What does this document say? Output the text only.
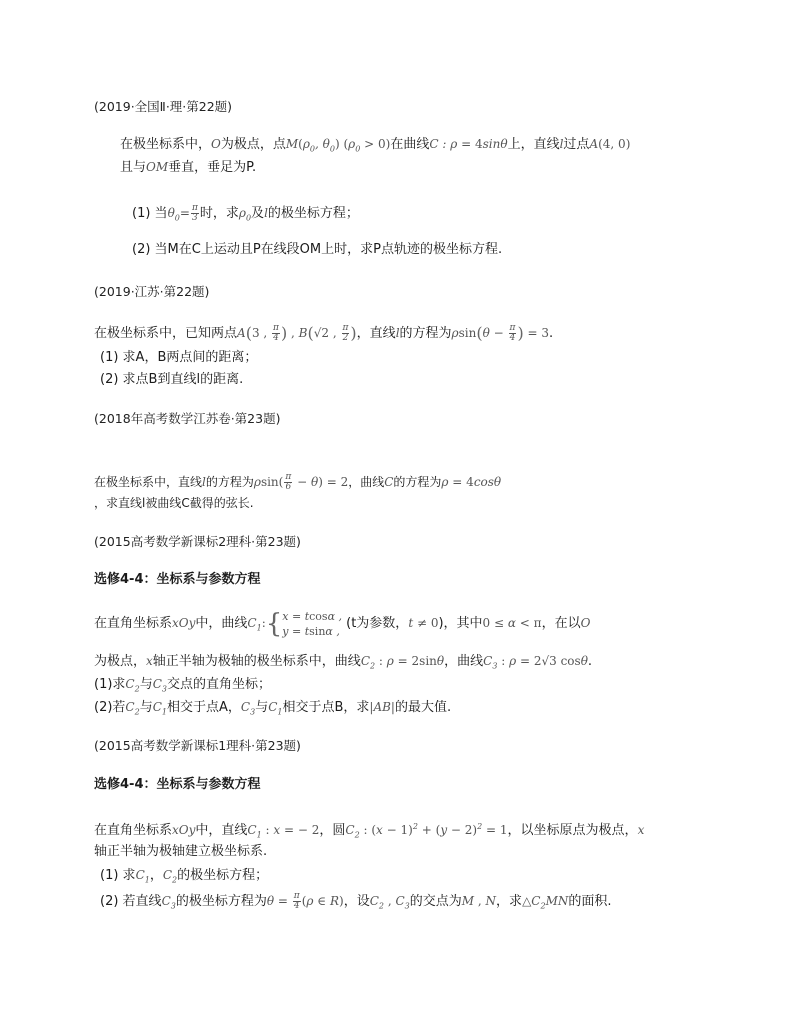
(2019·全国Ⅱ·理·第22题)
在极坐标系中，O为极点，点$M(\rho_0$, $\theta_0$) $(\rho_0 > 0)$在曲线C : ρ = 4sinθ上，直线l过点A(4, 0)
且与OM垂直，垂足为P.
(1) 当$\theta_0= \frac{\pi}{3}$ 时，求$\rho_0$及l的极坐标方程；
(2) 当M在C上运动且P在线段OM上时，求P点轨迹的极坐标方程.
(2019·江苏·第22题)
在极坐标系中，已知两点A(3 , $\frac{\pi}{4}$ ) , B(√2 , $\frac{\pi}{2}$ )，直线l的方程为$\rho\sin(\theta - \frac{\pi}{4}$ ) = 3.
(1) 求A，B两点间的距离；
(2) 求点B到直线l的距离.
(2018年高考数学江苏卷·第23题)
在极坐标系中，直线l的方程为$\rho\sin( \frac{\pi}{6} - \theta) = 2$，曲线C的方程为ρ = 4cosθ
，求直线l被曲线C截得的弦长.
(2015高考数学新课标2理科·第23题)
选修4-4：坐标系与参数方程
在直角坐标系xOy中，曲线$C_1:\{x = tcos\alpha$ ,
y = tsinα , (t为参数，t ≠ 0)，其中0 ≤ α < π，在以O
为极点，x轴正半轴为极轴的极坐标系中，曲线$C_2$ : ρ = 2sinθ，曲线$C_3$ : ρ = 2√3 cosθ.
(1)求$C_2$与$C_3$交点的直角坐标；
(2)若$C_2$与$C_1$相交于点A，$C_3$与$C_1$相交于点B，求|AB|的最大值.
(2015高考数学新课标1理科·第23题)
选修4-4：坐标系与参数方程
在直角坐标系xOy中，直线$C_1$ : x = − 2，圆$C_2$ : $(x - 1)^2 + (y - 2)^2 = 1$，以坐标原点为极点，x
轴正半轴为极轴建立极坐标系.
(1) 求$C_1$，$C_2$的极坐标方程；
(2) 若直线$C_3$的极坐标方程为$\theta = \frac{\pi}{4} (\rho$ ∈ R)，设$C_2$ , $C_3$的交点为M , N，求$\triangle C_2MN$的面积.
